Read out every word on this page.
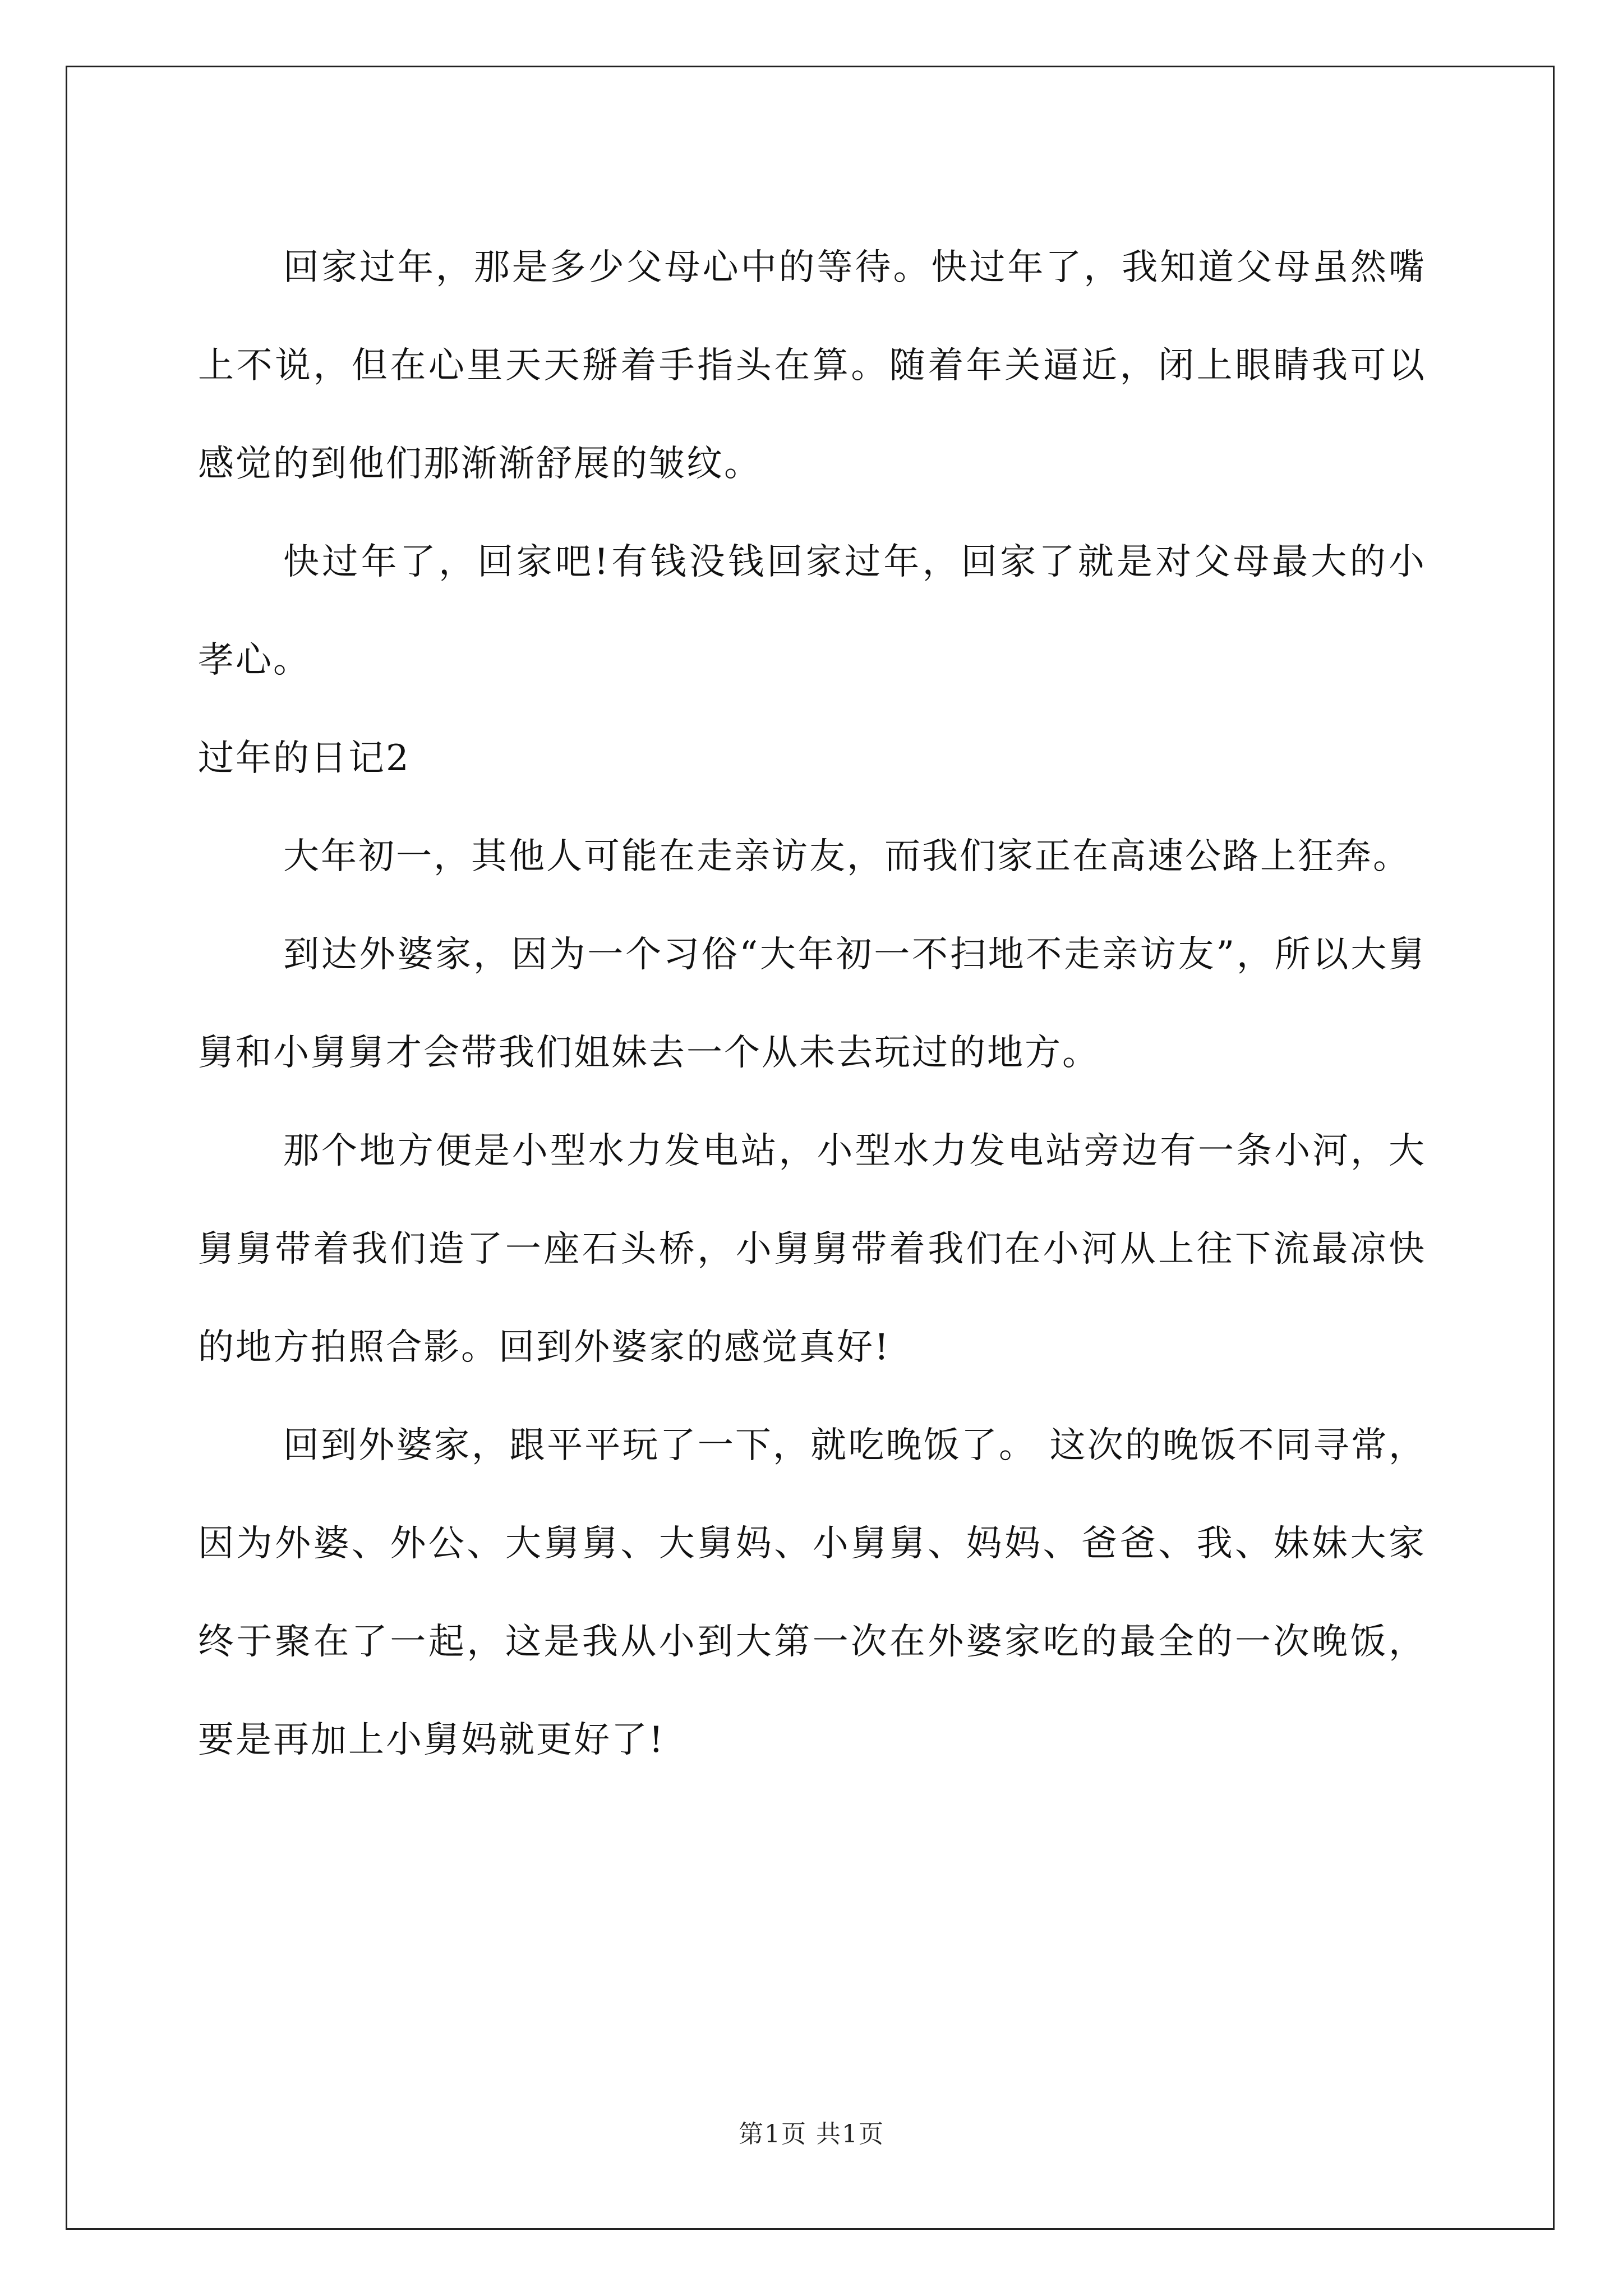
回家过年，那是多少父母心中的等待。快过年了，我知道父母虽然嘴上不说，但在心里天天掰着手指头在算。随着年关逼近，闭上眼睛我可以感觉的到他们那渐渐舒展的皱纹。

快过年了，回家吧!有钱没钱回家过年，回家了就是对父母最大的小孝心。

过年的日记2

大年初一，其他人可能在走亲访友，而我们家正在高速公路上狂奔。

到达外婆家，因为一个习俗“大年初一不扫地不走亲访友”，所以大舅舅和小舅舅才会带我们姐妹去一个从未去玩过的地方。

那个地方便是小型水力发电站，小型水力发电站旁边有一条小河，大舅舅带着我们造了一座石头桥，小舅舅带着我们在小河从上往下流最凉快的地方拍照合影。回到外婆家的感觉真好!

回到外婆家，跟平平玩了一下，就吃晚饭了。 这次的晚饭不同寻常，因为外婆、外公、大舅舅、大舅妈、小舅舅、妈妈、爸爸、我、妹妹大家终于聚在了一起，这是我从小到大第一次在外婆家吃的最全的一次晚饭，要是再加上小舅妈就更好了!

第1页 共1页
